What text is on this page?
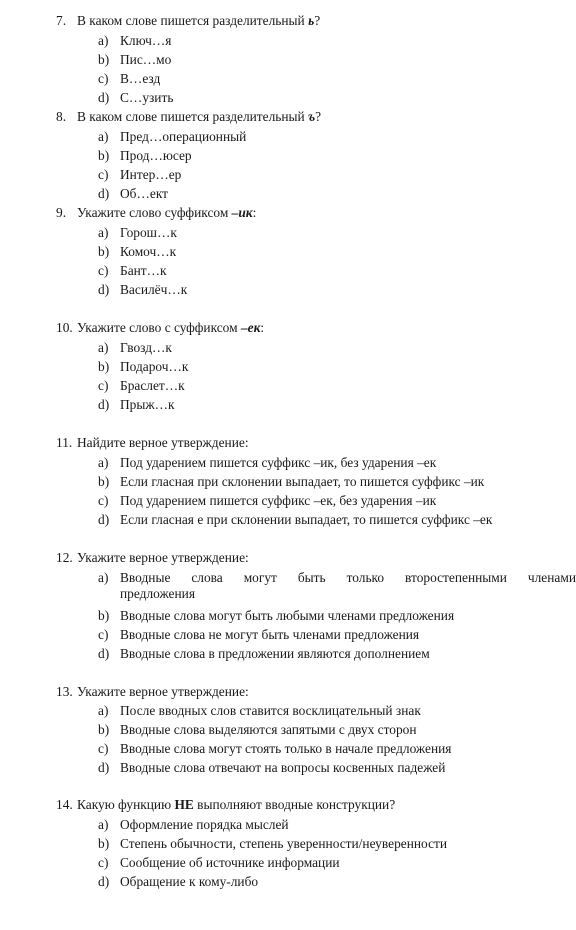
7. В каком слове пишется разделительный ь?
a) Ключ…я
b) Пис…мо
c) В…езд
d) С…узить
8. В каком слове пишется разделительный ъ?
a) Пред…операционный
b) Прод…юсер
c) Интер…ер
d) Об…ект
9. Укажите слово суффиксом –ик:
a) Горош…к
b) Комоч…к
c) Бант…к
d) Василёч…к
10. Укажите слово с суффиксом –ек:
a) Гвозд…к
b) Подароч…к
c) Браслет…к
d) Прыж…к
11. Найдите верное утверждение:
a) Под ударением пишется суффикс –ик, без ударения –ек
b) Если гласная при склонении выпадает, то пишется суффикс –ик
c) Под ударением пишется суффикс –ек, без ударения –ик
d) Если гласная е при склонении выпадает, то пишется суффикс –ек
12. Укажите верное утверждение:
a) Вводные слова могут быть только второстепенными членами
предложения
b) Вводные слова могут быть любыми членами предложения
c) Вводные слова не могут быть членами предложения
d) Вводные слова в предложении являются дополнением
13. Укажите верное утверждение:
a) После вводных слов ставится восклицательный знак
b) Вводные слова выделяются запятыми с двух сторон
c) Вводные слова могут стоять только в начале предложения
d) Вводные слова отвечают на вопросы косвенных падежей
14. Какую функцию НЕ выполняют вводные конструкции?
a) Оформление порядка мыслей
b) Степень обычности, степень уверенности/неуверенности
c) Сообщение об источнике информации
d) Обращение к кому-либо
